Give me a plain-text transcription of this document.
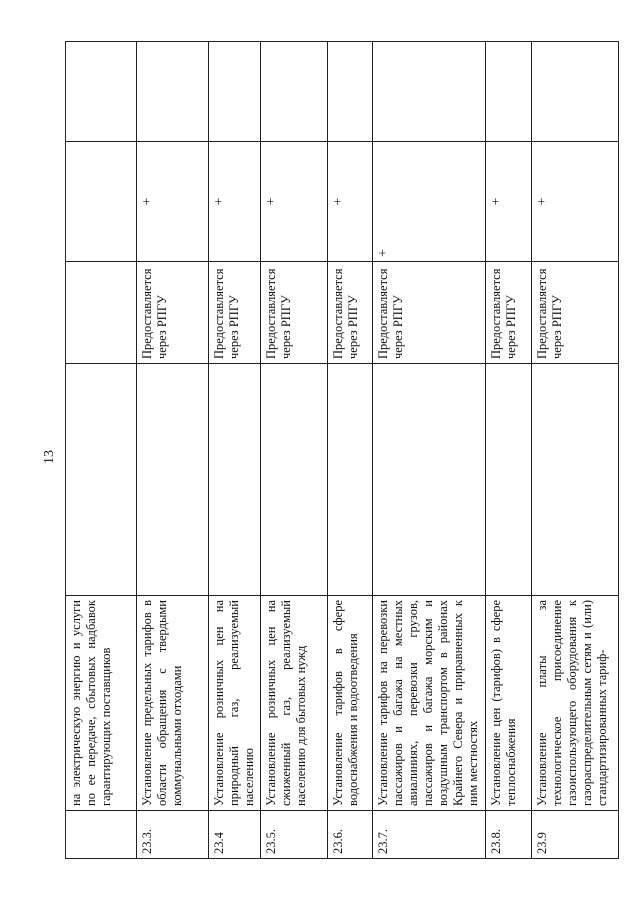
13
	на электрическую энергию и услуги по ее передаче, сбытовых надбавок гарантирующих поставщиков				
23.3.	Установление предельных тарифов в области обращения с твердыми коммунальными отходами		Предоставляется через РПГУ	+	
23.4	Установление розничных цен на природный газ, реализуемый населению		Предоставляется через РПГУ	+	
23.5.	Установление розничных цен на сжиженный газ, реализуемый населению для бытовых нужд		Предоставляется через РПГУ	+	
23.6.	Установление тарифов в сфере водоснабжения и водоотведения		Предоставляется через РПГУ	+	
23.7.	Установление тарифов на перевозки пассажиров и багажа на местных авиалиниях, перевозки грузов, пассажиров и багажа морским и воздушным транспортом в районах Крайнего Севера и приравненных к ним местностях		Предоставляется через РПГУ	+	
23.8.	Установление цен (тарифов) в сфере теплоснабжения		Предоставляется через РПГУ	+	
23.9	Установление платы за технологическое присоединение газоиспользующего оборудования к газораспределительным сетям и (или) стандартизированных тариф-		Предоставляется через РПГУ	+	
